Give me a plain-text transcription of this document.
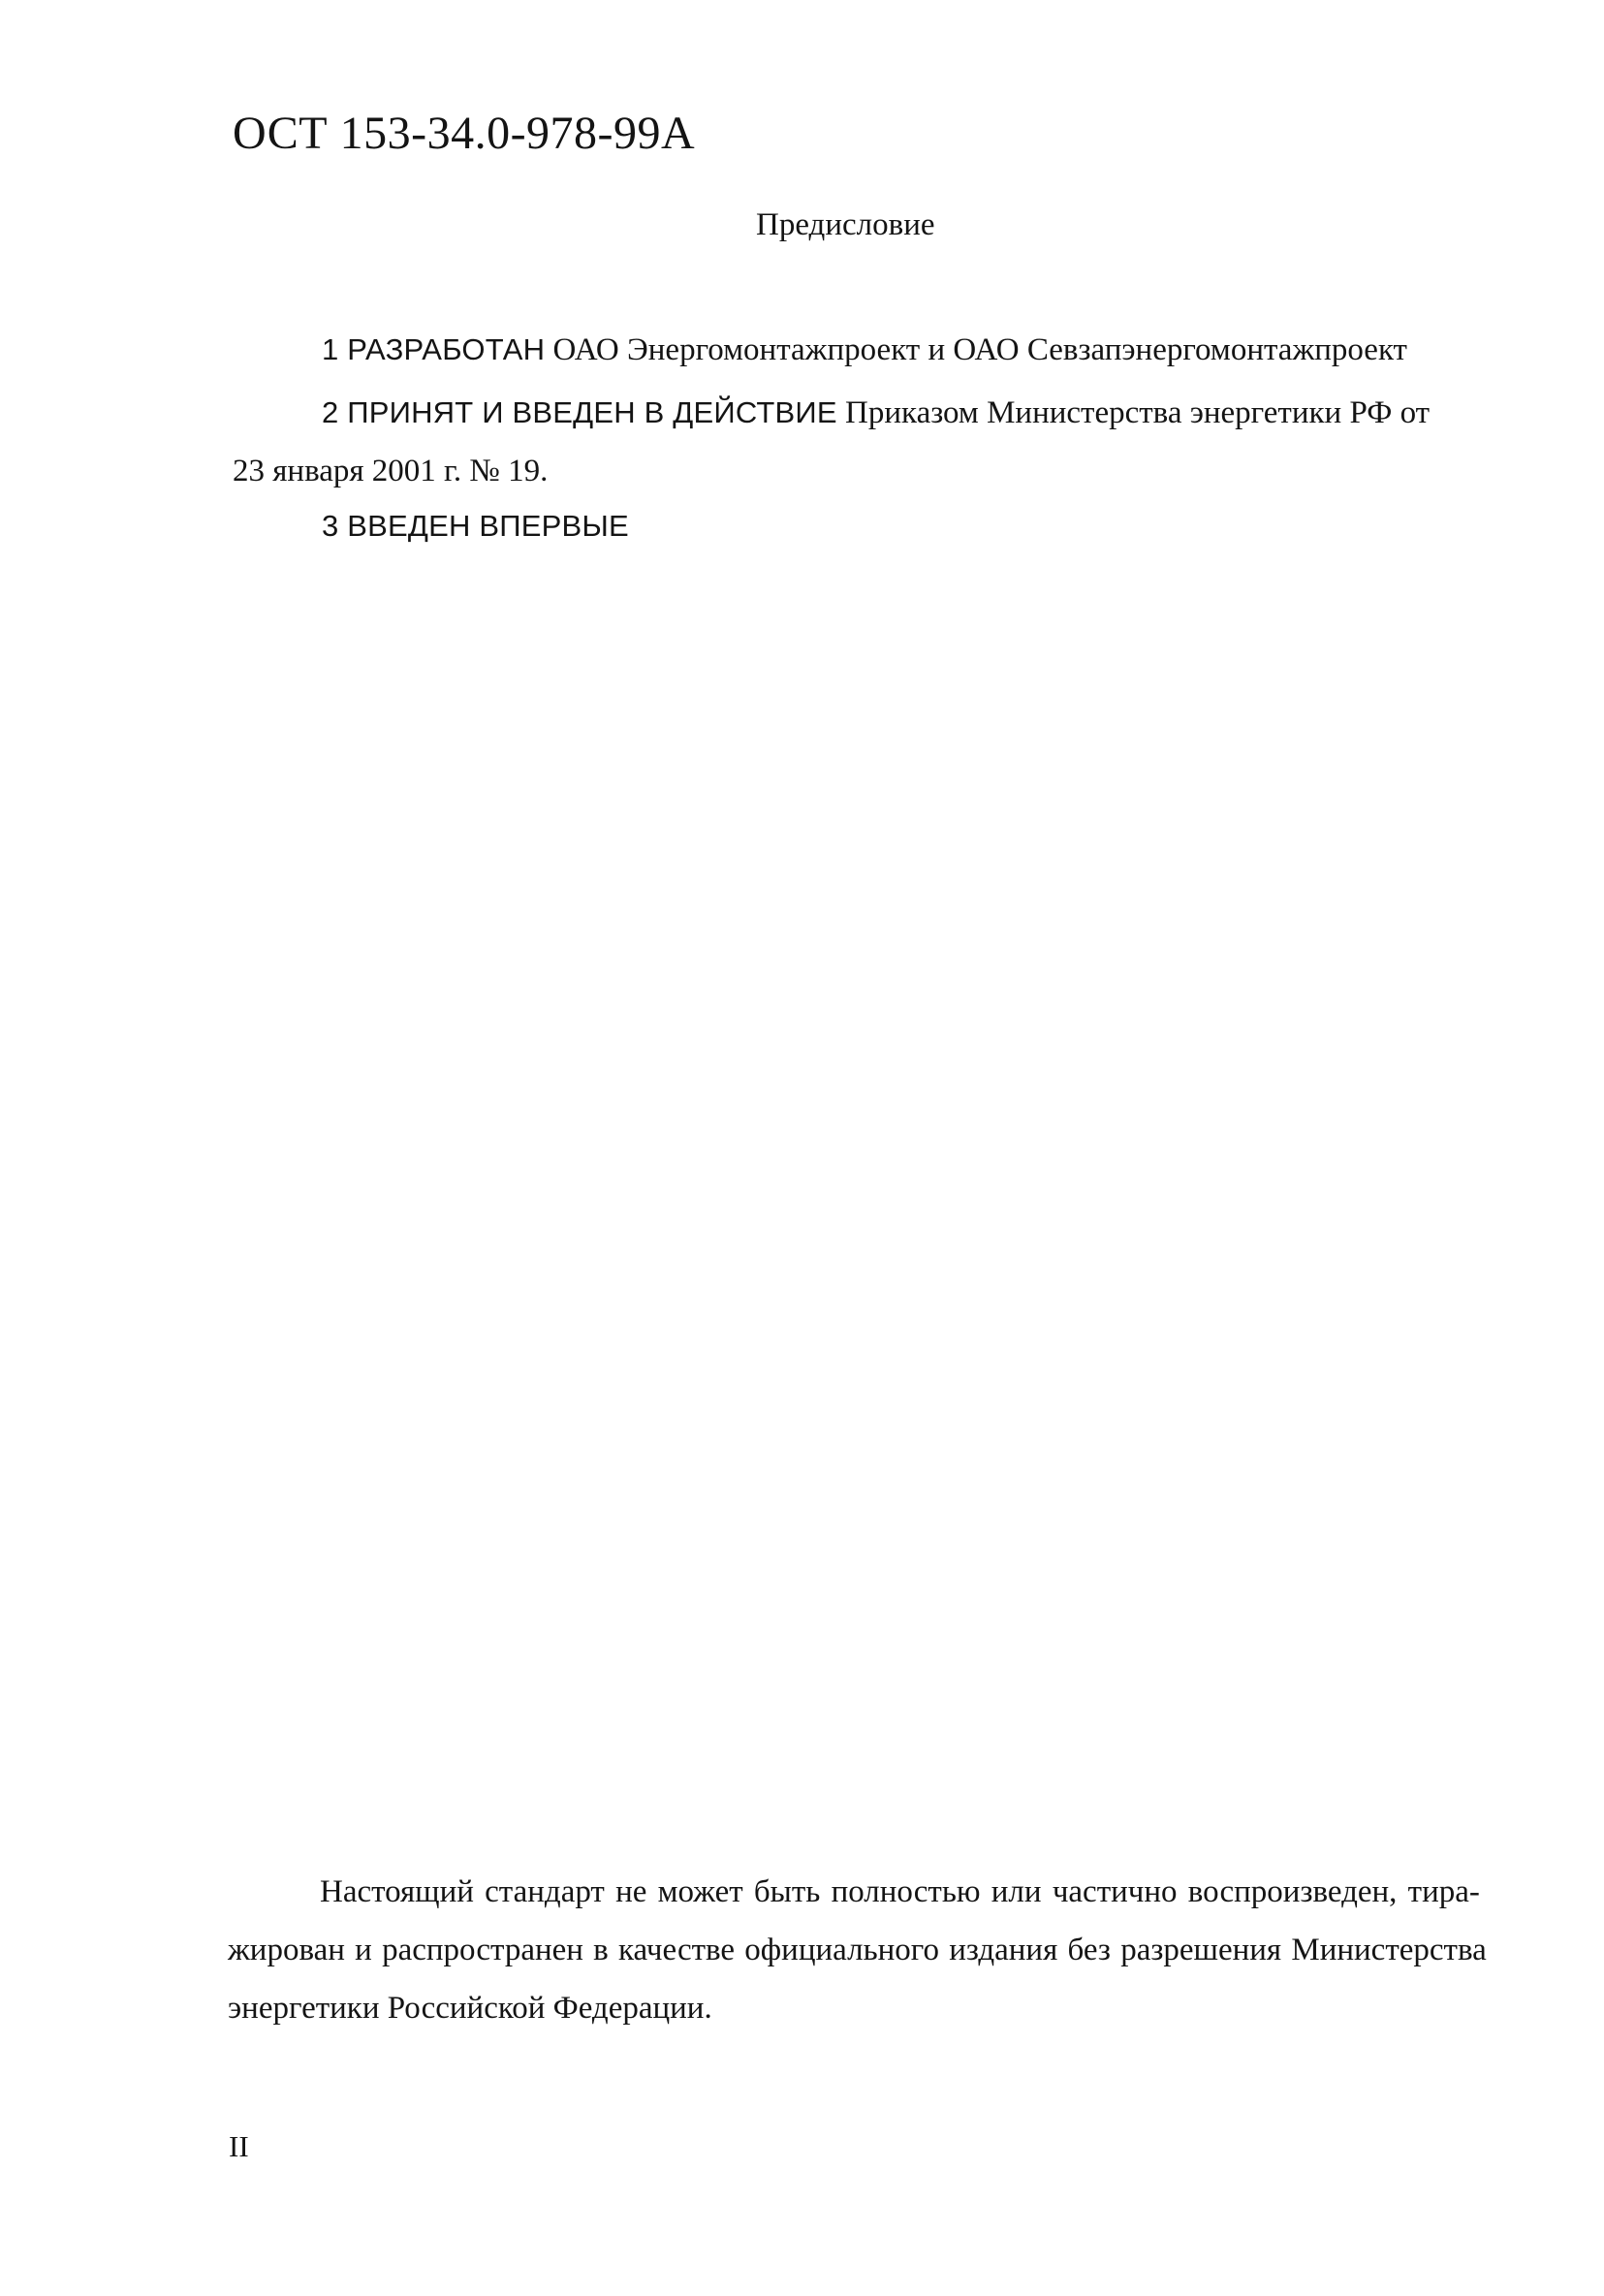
ОСТ 153-34.0-978-99А
Предисловие
1 РАЗРАБОТАН ОАО Энергомонтажпроект и ОАО Севзапэнергомонтажпроект
2 ПРИНЯТ И ВВЕДЕН В ДЕЙСТВИЕ Приказом Министерства энергетики РФ от
23 января 2001 г. № 19.
3 ВВЕДЕН ВПЕРВЫЕ
Настоящий стандарт не может быть полностью или частично воспроизведен, тира-
жирован и распространен в качестве официального издания без разрешения Министерства
энергетики Российской Федерации.
II
